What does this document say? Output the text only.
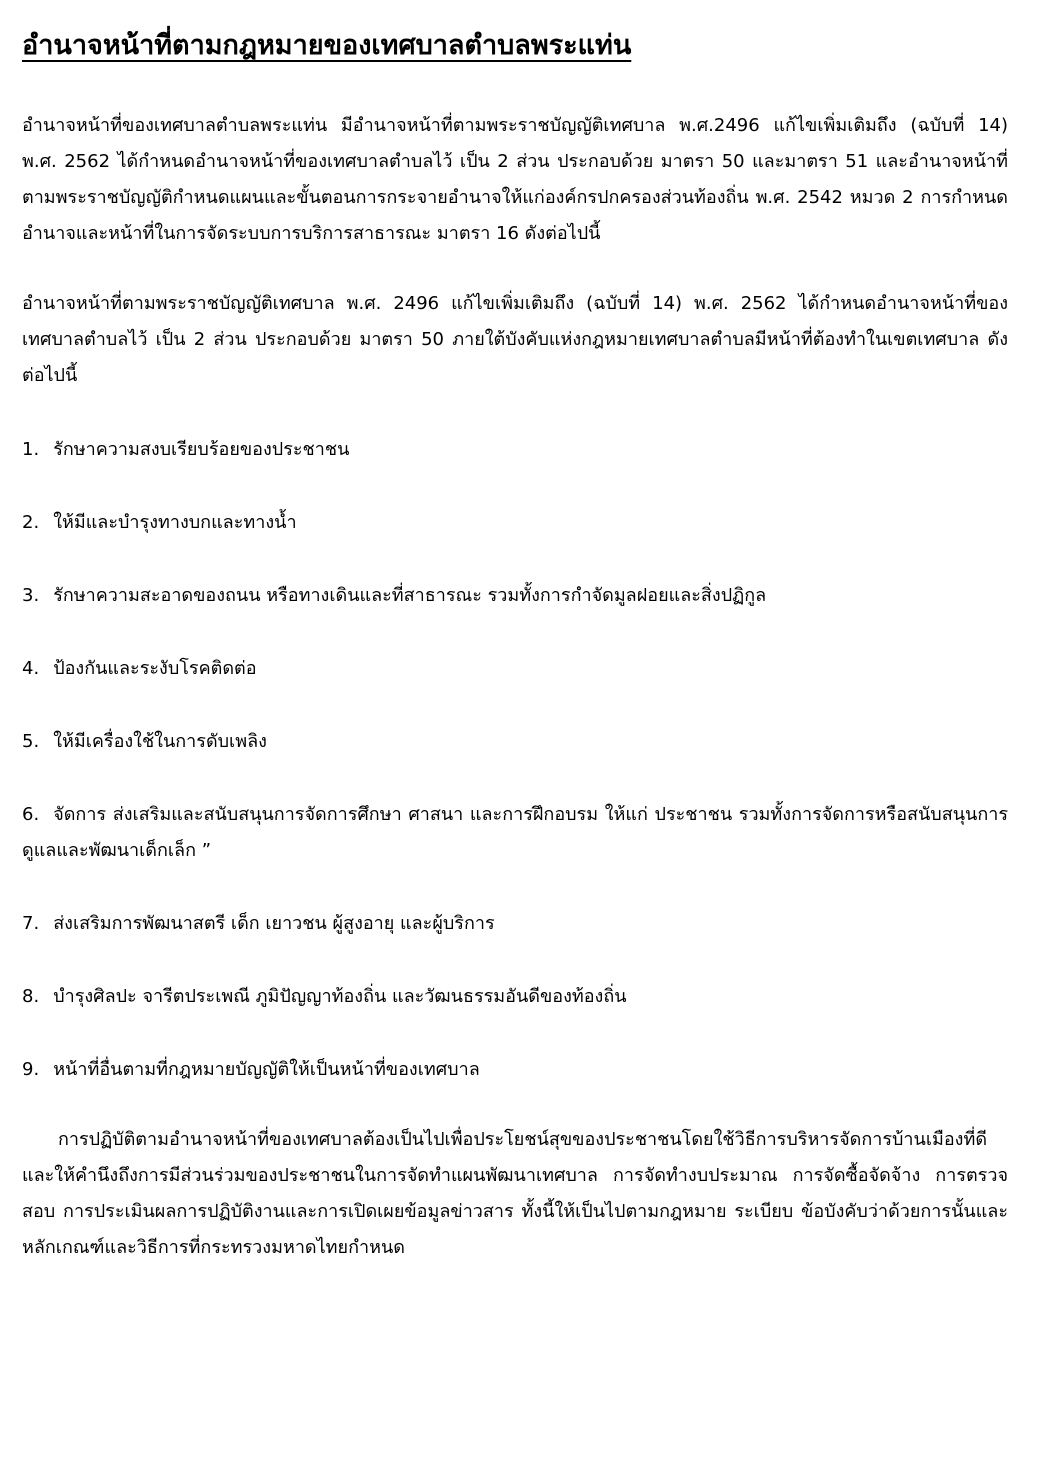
อำนาจหน้าที่ตามกฎหมายของเทศบาลตำบลพระแท่น

อำนาจหน้าที่ของเทศบาลตำบลพระแท่น มีอำนาจหน้าที่ตามพระราชบัญญัติเทศบาล พ.ศ.2496 แก้ไขเพิ่มเติมถึง (ฉบับที่ 14) พ.ศ. 2562 ได้กำหนดอำนาจหน้าที่ของเทศบาลตำบลไว้ เป็น 2 ส่วน ประกอบด้วย มาตรา 50 และมาตรา 51 และอำนาจหน้าที่ตามพระราชบัญญัติกำหนดแผนและขั้นตอนการกระจายอำนาจให้แก่องค์กรปกครองส่วนท้องถิ่น พ.ศ. 2542 หมวด 2 การกำหนดอำนาจและหน้าที่ในการจัดระบบการบริการสาธารณะ มาตรา 16 ดังต่อไปนี้

อำนาจหน้าที่ตามพระราชบัญญัติเทศบาล พ.ศ. 2496 แก้ไขเพิ่มเติมถึง (ฉบับที่ 14) พ.ศ. 2562 ได้กำหนดอำนาจหน้าที่ของเทศบาลตำบลไว้ เป็น 2 ส่วน ประกอบด้วย มาตรา 50 ภายใต้บังคับแห่งกฎหมายเทศบาลตำบลมีหน้าที่ต้องทำในเขตเทศบาล ดังต่อไปนี้

1. รักษาความสงบเรียบร้อยของประชาชน
2. ให้มีและบำรุงทางบกและทางน้ำ
3. รักษาความสะอาดของถนน หรือทางเดินและที่สาธารณะ รวมทั้งการกำจัดมูลฝอยและสิ่งปฏิกูล
4. ป้องกันและระงับโรคติดต่อ
5. ให้มีเครื่องใช้ในการดับเพลิง
6. จัดการ ส่งเสริมและสนับสนุนการจัดการศึกษา ศาสนา และการฝึกอบรม ให้แก่ ประชาชน รวมทั้งการจัดการหรือสนับสนุนการดูแลและพัฒนาเด็กเล็ก ”
7. ส่งเสริมการพัฒนาสตรี เด็ก เยาวชน ผู้สูงอายุ และผู้บริการ
8. บำรุงศิลปะ จารีตประเพณี ภูมิปัญญาท้องถิ่น และวัฒนธรรมอันดีของท้องถิ่น
9. หน้าที่อื่นตามที่กฎหมายบัญญัติให้เป็นหน้าที่ของเทศบาล

การปฏิบัติตามอำนาจหน้าที่ของเทศบาลต้องเป็นไปเพื่อประโยชน์สุขของประชาชนโดยใช้วิธีการบริหารจัดการบ้านเมืองที่ดี และให้คำนึงถึงการมีส่วนร่วมของประชาชนในการจัดทำแผนพัฒนาเทศบาล การจัดทำงบประมาณ การจัดซื้อจัดจ้าง การตรวจสอบ การประเมินผลการปฏิบัติงานและการเปิดเผยข้อมูลข่าวสาร ทั้งนี้ให้เป็นไปตามกฎหมาย ระเบียบ ข้อบังคับว่าด้วยการนั้นและหลักเกณฑ์และวิธีการที่กระทรวงมหาดไทยกำหนด
